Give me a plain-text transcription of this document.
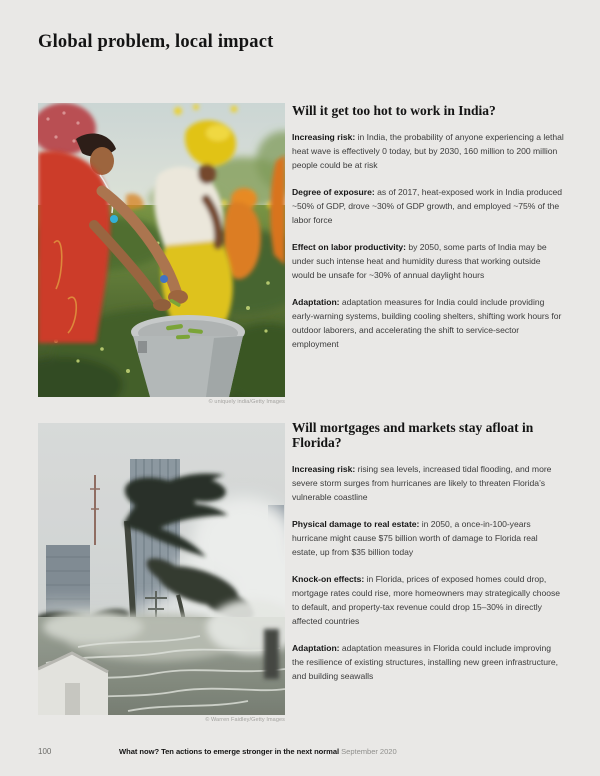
Global problem, local impact
© uniquely india/Getty Images
Will it get too hot to work in India?

Increasing risk: in India, the probability of anyone experiencing a lethal heat wave is effectively 0 today, but by 2030, 160 million to 200 million people could be at risk

Degree of exposure: as of 2017, heat-exposed work in India produced ~50% of GDP, drove ~30% of GDP growth, and employed ~75% of the labor force

Effect on labor productivity: by 2050, some parts of India may be under such intense heat and humidity duress that working outside would be unsafe for ~30% of annual daylight hours

Adaptation: adaptation measures for India could include providing early-warning systems, building cooling shelters, shifting work hours for outdoor laborers, and accelerating the shift to service-sector employment

© Warren Faidley/Getty Images
Will mortgages and markets stay afloat in Florida?

Increasing risk: rising sea levels, increased tidal flooding, and more severe storm surges from hurricanes are likely to threaten Florida’s vulnerable coastline

Physical damage to real estate: in 2050, a once-in-100-years hurricane might cause $75 billion worth of damage to Florida real estate, up from $35 billion today

Knock-on effects: in Florida, prices of exposed homes could drop, mortgage rates could rise, more homeowners may strategically choose to default, and property-tax revenue could drop 15–30% in directly affected countries

Adaptation: adaptation measures in Florida could include improving the resilience of existing structures, installing new green infrastructure, and building seawalls

100	What now? Ten actions to emerge stronger in the next normal September 2020
